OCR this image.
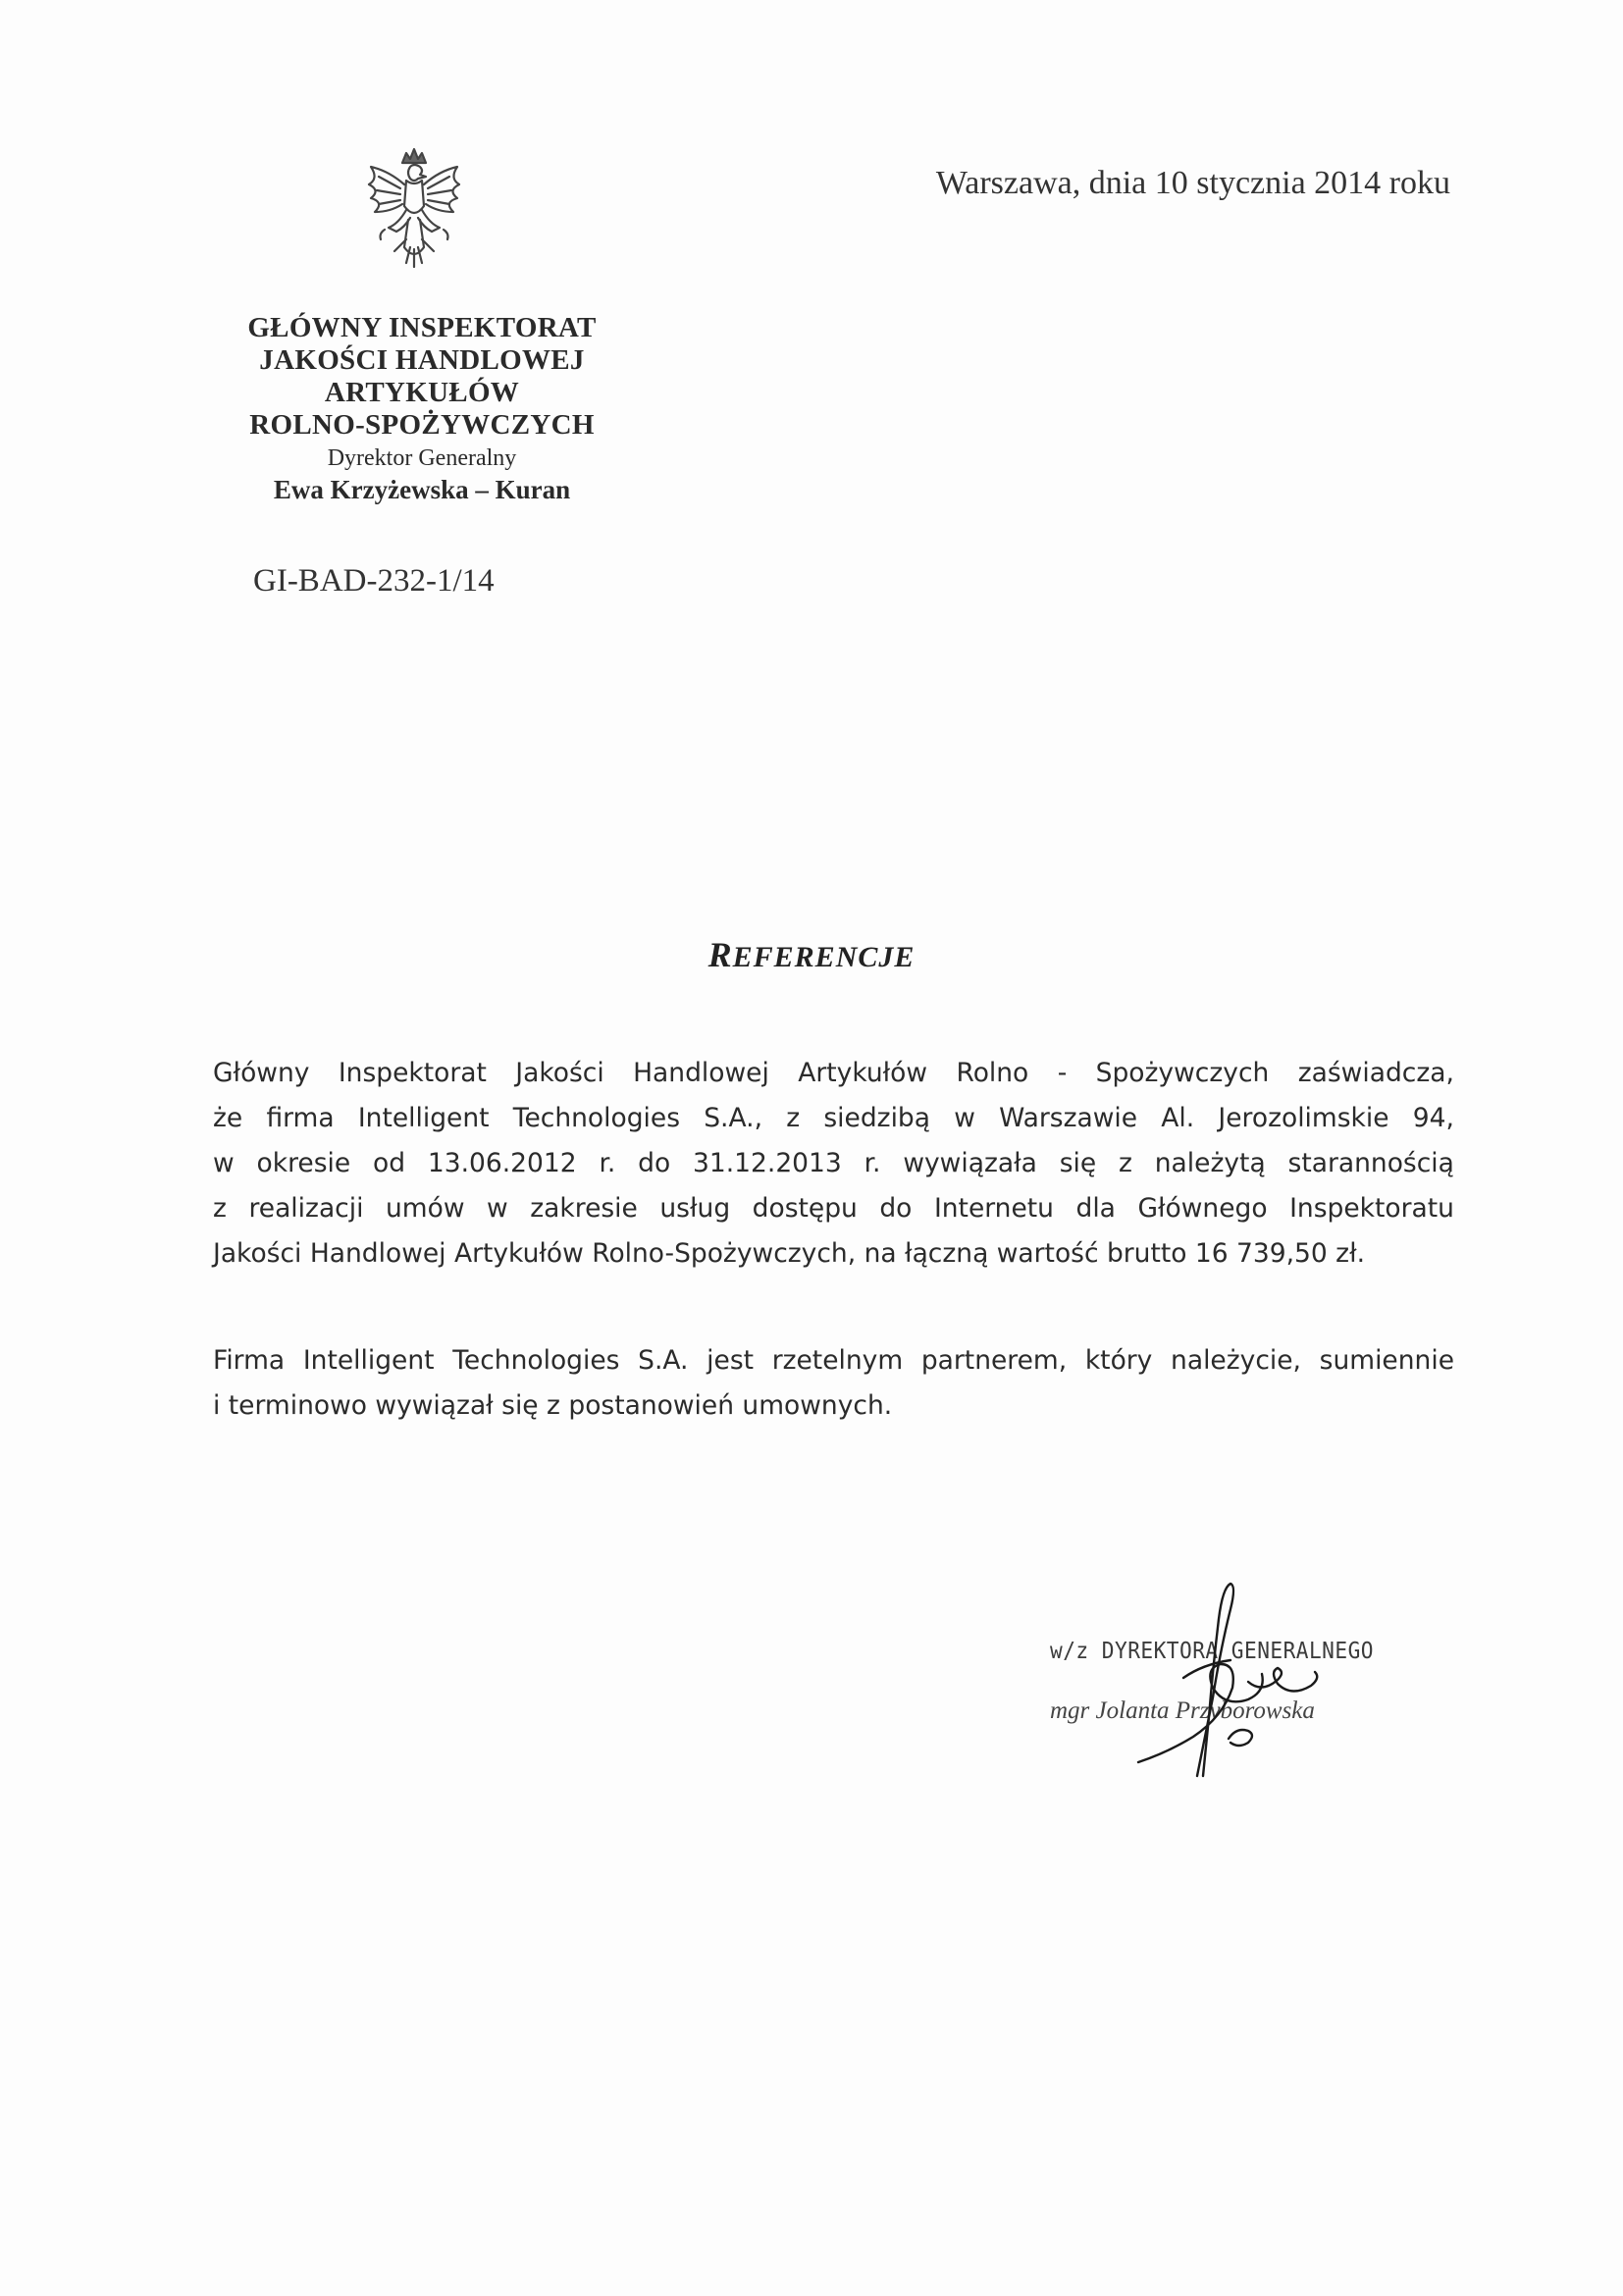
Warszawa, dnia 10 stycznia 2014 roku
GŁÓWNY INSPEKTORAT
JAKOŚCI HANDLOWEJ
ARTYKUŁÓW
ROLNO-SPOŻYWCZYCH
Dyrektor Generalny
Ewa Krzyżewska – Kuran
GI-BAD-232-1/14
REFERENCJE
Główny Inspektorat Jakości Handlowej Artykułów Rolno - Spożywczych zaświadcza,
że firma Intelligent Technologies S.A., z siedzibą w Warszawie Al. Jerozolimskie 94,
w okresie od 13.06.2012 r. do 31.12.2013 r. wywiązała się z należytą starannością
z realizacji umów w zakresie usług dostępu do Internetu dla Głównego Inspektoratu
Jakości Handlowej Artykułów Rolno-Spożywczych, na łączną wartość brutto 16 739,50 zł.
Firma Intelligent Technologies S.A. jest rzetelnym partnerem, który należycie, sumiennie
i terminowo wywiązał się z postanowień umownych.
w/z DYREKTORA GENERALNEGO
mgr Jolanta Przyborowska
